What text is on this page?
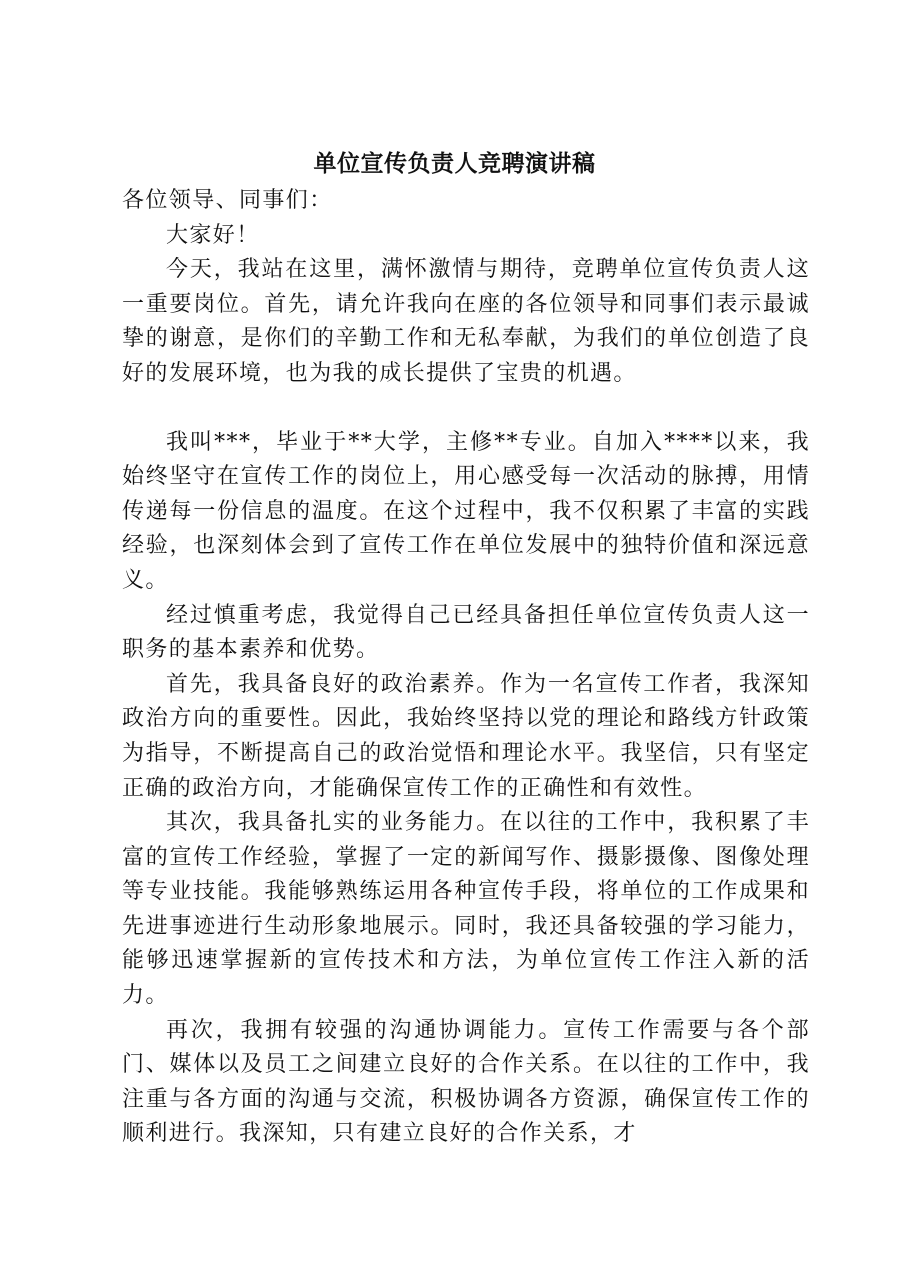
单位宣传负责人竞聘演讲稿

各位领导、同事们：

大家好！

今天，我站在这里，满怀激情与期待，竞聘单位宣传负责人这一重要岗位。首先，请允许我向在座的各位领导和同事们表示最诚挚的谢意，是你们的辛勤工作和无私奉献，为我们的单位创造了良好的发展环境，也为我的成长提供了宝贵的机遇。

我叫***，毕业于**大学，主修**专业。自加入****以来，我始终坚守在宣传工作的岗位上，用心感受每一次活动的脉搏，用情传递每一份信息的温度。在这个过程中，我不仅积累了丰富的实践经验，也深刻体会到了宣传工作在单位发展中的独特价值和深远意义。

经过慎重考虑，我觉得自己已经具备担任单位宣传负责人这一职务的基本素养和优势。

首先，我具备良好的政治素养。作为一名宣传工作者，我深知政治方向的重要性。因此，我始终坚持以党的理论和路线方针政策为指导，不断提高自己的政治觉悟和理论水平。我坚信，只有坚定正确的政治方向，才能确保宣传工作的正确性和有效性。

其次，我具备扎实的业务能力。在以往的工作中，我积累了丰富的宣传工作经验，掌握了一定的新闻写作、摄影摄像、图像处理等专业技能。我能够熟练运用各种宣传手段，将单位的工作成果和先进事迹进行生动形象地展示。同时，我还具备较强的学习能力，能够迅速掌握新的宣传技术和方法，为单位宣传工作注入新的活力。

再次，我拥有较强的沟通协调能力。宣传工作需要与各个部门、媒体以及员工之间建立良好的合作关系。在以往的工作中，我注重与各方面的沟通与交流，积极协调各方资源，确保宣传工作的顺利进行。我深知，只有建立良好的合作关系，才
